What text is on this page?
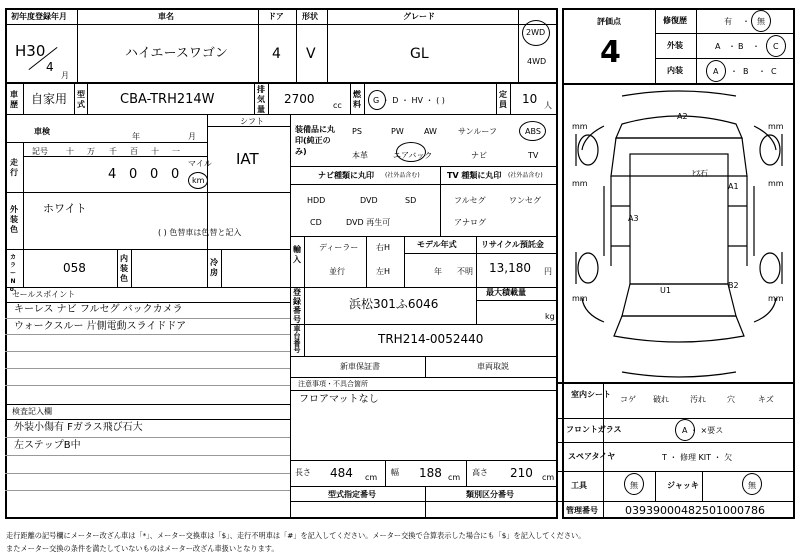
初年度登録年月
H30
4
月
車名
ハイエースワゴン
ドア
4
形状
V
グレード
GL
2WD
4WD
車歴 自家用 型式	CBA-TRH214W
排気量
2700 cc
燃料 G ・ D ・ HV ・ ( )
定員 10 人
車検
年	月
シフト
IAT
走行
記号 十 万 千 百 十 一
4 0 0 0
マイル
km
装備品に丸印(純正のみ)
PS	PW	AW	サンルーフ	ABS
本革	エアバック	ナビ	TV
ナビ種類に丸印 (社外品含む)	TV 種類に丸印 (社外品含む)
HDD	DVD	SD
CD	DVD 再生可
フルセグ	ワンセグ
アナログ
外装色
ホワイト
( ) 色替車は色替と記入
カラーNo.
058
内装色
冷房
輸入
ディーラー
並行
右H
左H
モデル年式
年 不明
リサイクル預託金
13,180 円
セールスポイント
キーレス ナビ フルセグ バックカメラ
ウォークスルー 片側電動スライドドア
検査記入欄
外装小傷有 Fガラス飛び石大
左ステップB中
登録番号
浜松301ふ6046
最大積載量
kg
車台番号
TRH214-0052440
新車保証書	車両取説
注意事項・不具合箇所
フロアマットなし
長さ 484 cm
幅 188 cm
高さ 210 cm
型式指定番号	類別区分番号
評価点
4
修復歴	有 ・ 無
外装	A ・ B ・ C
内装	A ・ B ・ C
A2
ﾋｽ石
A1
A3
U1
B2
mm	mm
mm	mm
mm	mm
室内シート
コゲ 破れ	汚れ	穴	キズ
フロントガラス	A ・ ×要ス
スペアタイヤ	T ・ 修理 KIT ・ 欠
工具	無	ジャッキ	無
管理番号 03939000482501000786
走行距離の記号欄にメーター改ざん車は「*」、メーター交換車は「$」、走行不明車は「#」を記入してください。メーター交換で合算表示した場合にも「$」を記入してください。
またメーター交換の条件を満たしていないものはメーター改ざん車扱いとなります。
